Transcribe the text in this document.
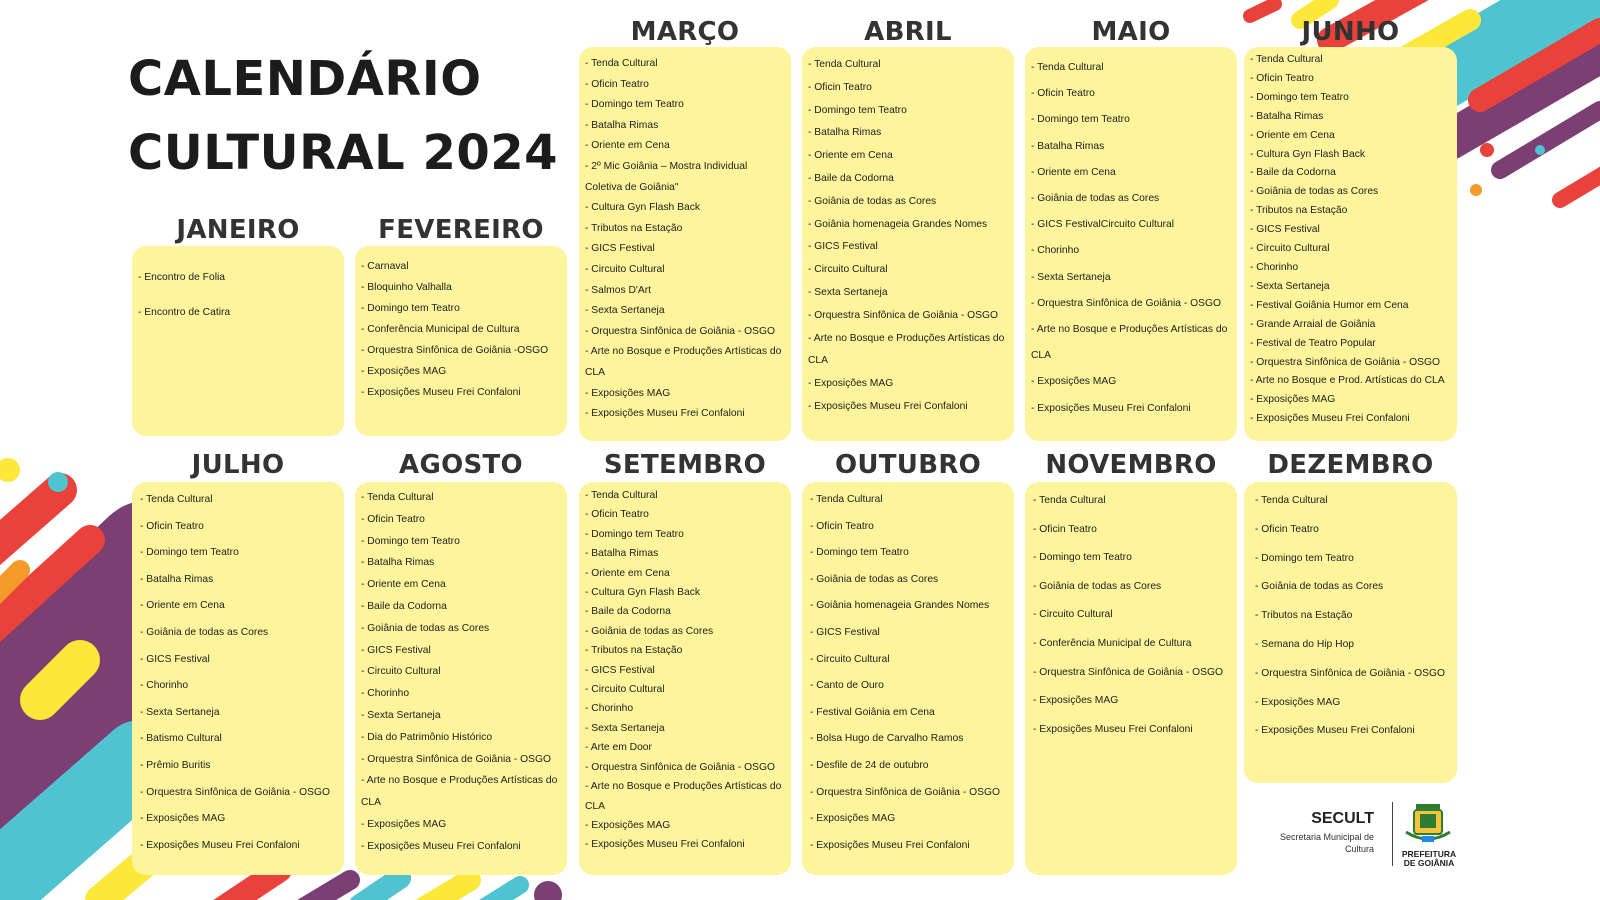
CALENDÁRIO
CULTURAL 2024
JANEIRO
- Encontro de Folia
- Encontro de Catira
FEVEREIRO
- Carnaval
- Bloquinho Valhalla
- Domingo tem Teatro
- Conferência Municipal de Cultura
- Orquestra Sinfônica de Goiânia -OSGO
- Exposições MAG
- Exposições Museu Frei Confaloni
MARÇO
- Tenda Cultural
- Oficin Teatro
- Domingo tem Teatro
- Batalha Rimas
- Oriente em Cena
- 2º Mic Goiânia – Mostra Individual Coletiva de Goiânia"
- Cultura Gyn Flash Back
- Tributos na Estação
- GICS Festival
- Circuito Cultural
- Salmos D'Art
- Sexta Sertaneja
- Orquestra Sinfônica de Goiânia - OSGO
- Arte no Bosque e Produções Artísticas do CLA
- Exposições MAG
- Exposições Museu Frei Confaloni
ABRIL
- Tenda Cultural
- Oficin Teatro
- Domingo tem Teatro
- Batalha Rimas
- Oriente em Cena
- Baile da Codorna
- Goiânia de todas as Cores
- Goiânia homenageia Grandes Nomes
- GICS Festival
- Circuito Cultural
- Sexta Sertaneja
- Orquestra Sinfônica de Goiânia - OSGO
- Arte no Bosque e Produções Artísticas do CLA
- Exposições MAG
- Exposições Museu Frei Confaloni
MAIO
- Tenda Cultural
- Oficin Teatro
- Domingo tem Teatro
- Batalha Rimas
- Oriente em Cena
- Goiânia de todas as Cores
- GICS FestivalCircuito Cultural
- Chorinho
- Sexta Sertaneja
- Orquestra Sinfônica de Goiânia - OSGO
- Arte no Bosque e Produções Artísticas do CLA
- Exposições MAG
- Exposições Museu Frei Confaloni
JUNHO
- Tenda Cultural
- Oficin Teatro
- Domingo tem Teatro
- Batalha Rimas
- Oriente em Cena
- Cultura Gyn Flash Back
- Baile da Codorna
- Goiânia de todas as Cores
- Tributos na Estação
- GICS Festival
- Circuito Cultural
- Chorinho
- Sexta Sertaneja
- Festival Goiânia Humor em Cena
- Grande Arraial de Goiânia
- Festival de Teatro Popular
- Orquestra Sinfônica de Goiânia - OSGO
- Arte no Bosque e Prod. Artísticas do CLA
- Exposições MAG
- Exposições Museu Frei Confaloni
JULHO
- Tenda Cultural
- Oficin Teatro
- Domingo tem Teatro
- Batalha Rimas
- Oriente em Cena
- Goiânia de todas as Cores
- GICS Festival
- Chorinho
- Sexta Sertaneja
- Batismo Cultural
- Prêmio Buritis
- Orquestra Sinfônica de Goiânia - OSGO
- Exposições MAG
- Exposições Museu Frei Confaloni
AGOSTO
- Tenda Cultural
- Oficin Teatro
- Domingo tem Teatro
- Batalha Rimas
- Oriente em Cena
- Baile da Codorna
- Goiânia de todas as Cores
- GICS Festival
- Circuito Cultural
- Chorinho
- Sexta Sertaneja
- Dia do Patrimônio Histórico
- Orquestra Sinfônica de Goiânia - OSGO
- Arte no Bosque e Produções Artísticas do CLA
- Exposições MAG
- Exposições Museu Frei Confaloni
SETEMBRO
- Tenda Cultural
- Oficin Teatro
- Domingo tem Teatro
- Batalha Rimas
- Oriente em Cena
- Cultura Gyn Flash Back
- Baile da Codorna
- Goiânia de todas as Cores
- Tributos na Estação
- GICS Festival
- Circuito Cultural
- Chorinho
- Sexta Sertaneja
- Arte em Door
- Orquestra Sinfônica de Goiânia - OSGO
- Arte no Bosque e Produções Artísticas do CLA
- Exposições MAG
- Exposições Museu Frei Confaloni
OUTUBRO
- Tenda Cultural
- Oficin Teatro
- Domingo tem Teatro
- Goiânia de todas as Cores
- Goiânia homenageia Grandes Nomes
- GICS Festival
- Circuito Cultural
- Canto de Ouro
- Festival Goiânia em Cena
- Bolsa Hugo de Carvalho Ramos
- Desfile de 24 de outubro
- Orquestra Sinfônica de Goiânia - OSGO
- Exposições MAG
- Exposições Museu Frei Confaloni
NOVEMBRO
- Tenda Cultural
- Oficin Teatro
- Domingo tem Teatro
- Goiânia de todas as Cores
- Circuito Cultural
- Conferência Municipal de Cultura
- Orquestra Sinfônica de Goiânia - OSGO
- Exposições MAG
- Exposições Museu Frei Confaloni
DEZEMBRO
- Tenda Cultural
- Oficin Teatro
- Domingo tem Teatro
- Goiânia de todas as Cores
- Tributos na Estação
- Semana do Hip Hop
- Orquestra Sinfônica de Goiânia - OSGO
- Exposições MAG
- Exposições Museu Frei Confaloni
SECULT
Secretaria Municipal de Cultura	PREFEITURA DE GOIÂNIA
